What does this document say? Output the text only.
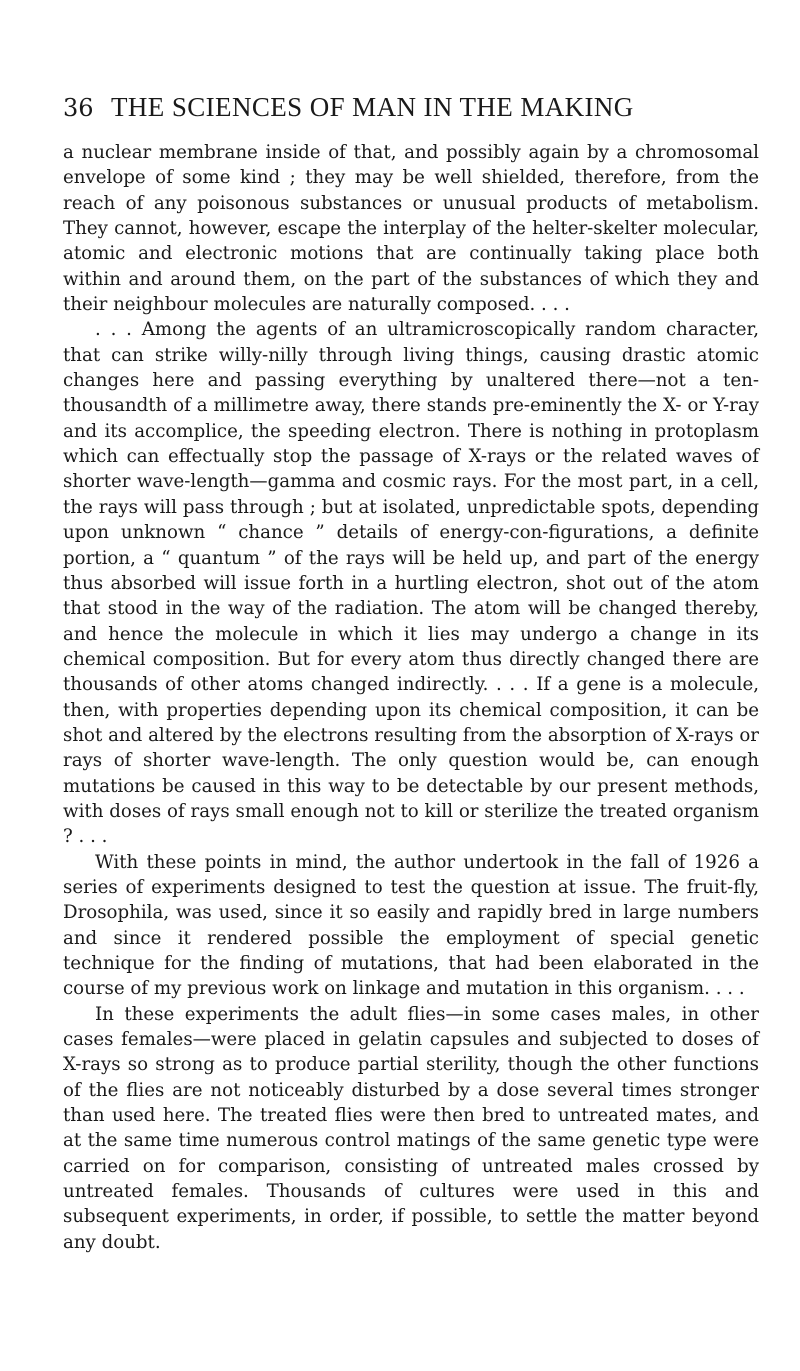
36 THE SCIENCES OF MAN IN THE MAKING

a nuclear membrane inside of that, and possibly again by a chromosomal envelope of some kind ; they may be well shielded, therefore, from the reach of any poisonous substances or unusual products of metabolism. They cannot, however, escape the interplay of the helter-skelter molecular, atomic and electronic motions that are continually taking place both within and around them, on the part of the substances of which they and their neighbour molecules are naturally composed. . . .

. . . Among the agents of an ultramicroscopically random character, that can strike willy-nilly through living things, causing drastic atomic changes here and passing everything by unaltered there—not a ten-thousandth of a millimetre away, there stands pre-eminently the X- or Y-ray and its accomplice, the speeding electron. There is nothing in protoplasm which can effectually stop the passage of X-rays or the related waves of shorter wave-length—gamma and cosmic rays. For the most part, in a cell, the rays will pass through ; but at isolated, unpredictable spots, depending upon unknown “ chance ” details of energy-con-figurations, a definite portion, a “ quantum ” of the rays will be held up, and part of the energy thus absorbed will issue forth in a hurtling electron, shot out of the atom that stood in the way of the radiation. The atom will be changed thereby, and hence the molecule in which it lies may undergo a change in its chemical composition. But for every atom thus directly changed there are thousands of other atoms changed indirectly. . . . If a gene is a molecule, then, with properties depending upon its chemical composition, it can be shot and altered by the electrons resulting from the absorption of X-rays or rays of shorter wave-length. The only question would be, can enough mutations be caused in this way to be detectable by our present methods, with doses of rays small enough not to kill or sterilize the treated organism ? . . .

With these points in mind, the author undertook in the fall of 1926 a series of experiments designed to test the question at issue. The fruit-fly, Drosophila, was used, since it so easily and rapidly bred in large numbers and since it rendered possible the employment of special genetic technique for the finding of mutations, that had been elaborated in the course of my previous work on linkage and mutation in this organism. . . .

In these experiments the adult flies—in some cases males, in other cases females—were placed in gelatin capsules and subjected to doses of X-rays so strong as to produce partial sterility, though the other functions of the flies are not noticeably disturbed by a dose several times stronger than used here. The treated flies were then bred to untreated mates, and at the same time numerous control matings of the same genetic type were carried on for comparison, consisting of untreated males crossed by untreated females. Thousands of cultures were used in this and subsequent experiments, in order, if possible, to settle the matter beyond any doubt.
